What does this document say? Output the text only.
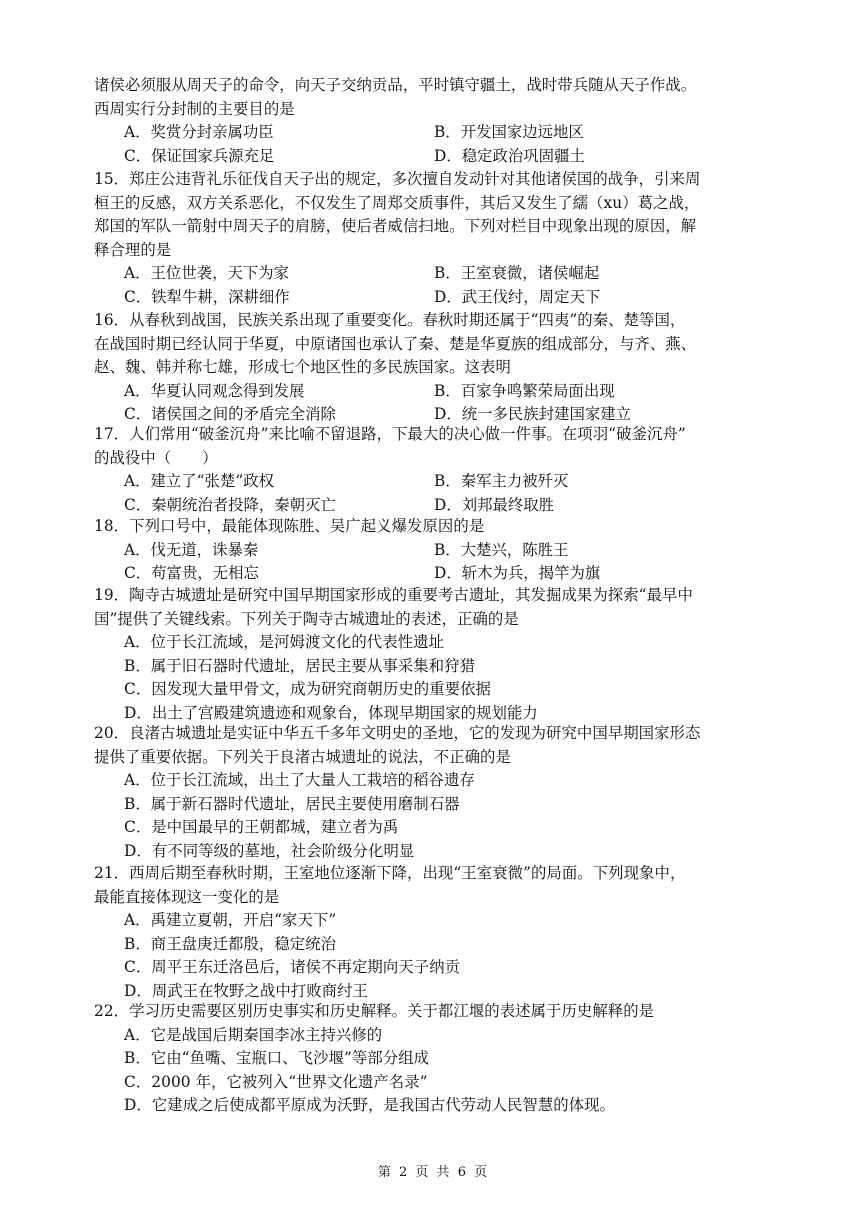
诸侯必须服从周天子的命令，向天子交纳贡品，平时镇守疆土，战时带兵随从天子作战。
西周实行分封制的主要目的是
A．奖赏分封亲属功臣	B．开发国家边远地区
C．保证国家兵源充足	D．稳定政治巩固疆土
15．郑庄公违背礼乐征伐自天子出的规定，多次擅自发动针对其他诸侯国的战争，引来周
桓王的反感，双方关系恶化，不仅发生了周郑交质事件，其后又发生了繻（xu）葛之战，
郑国的军队一箭射中周天子的肩膀，使后者威信扫地。下列对栏目中现象出现的原因，解
释合理的是
A．王位世袭，天下为家	B．王室衰微，诸侯崛起
C．铁犁牛耕，深耕细作	D．武王伐纣，周定天下
16．从春秋到战国，民族关系出现了重要变化。春秋时期还属于“四夷”的秦、楚等国，
在战国时期已经认同于华夏，中原诸国也承认了秦、楚是华夏族的组成部分，与齐、燕、
赵、魏、韩并称七雄，形成七个地区性的多民族国家。这表明
A．华夏认同观念得到发展	B．百家争鸣繁荣局面出现
C．诸侯国之间的矛盾完全消除	D．统一多民族封建国家建立
17．人们常用“破釜沉舟”来比喻不留退路，下最大的决心做一件事。在项羽“破釜沉舟”
的战役中（　　）
A．建立了“张楚”政权	B．秦军主力被歼灭
C．秦朝统治者投降，秦朝灭亡	D．刘邦最终取胜
18．下列口号中，最能体现陈胜、吴广起义爆发原因的是
A．伐无道，诛暴秦	B．大楚兴，陈胜王
C．苟富贵，无相忘	D．斩木为兵，揭竿为旗
19．陶寺古城遗址是研究中国早期国家形成的重要考古遗址，其发掘成果为探索“最早中
国”提供了关键线索。下列关于陶寺古城遗址的表述，正确的是
A．位于长江流域，是河姆渡文化的代表性遗址
B．属于旧石器时代遗址，居民主要从事采集和狩猎
C．因发现大量甲骨文，成为研究商朝历史的重要依据
D．出土了宫殿建筑遗迹和观象台，体现早期国家的规划能力
20．良渚古城遗址是实证中华五千多年文明史的圣地，它的发现为研究中国早期国家形态
提供了重要依据。下列关于良渚古城遗址的说法，不正确的是
A．位于长江流域，出土了大量人工栽培的稻谷遗存
B．属于新石器时代遗址，居民主要使用磨制石器
C．是中国最早的王朝都城，建立者为禹
D．有不同等级的墓地，社会阶级分化明显
21．西周后期至春秋时期，王室地位逐渐下降，出现“王室衰微”的局面。下列现象中，
最能直接体现这一变化的是
A．禹建立夏朝，开启“家天下”
B．商王盘庚迁都殷，稳定统治
C．周平王东迁洛邑后，诸侯不再定期向天子纳贡
D．周武王在牧野之战中打败商纣王
22．学习历史需要区别历史事实和历史解释。关于都江堰的表述属于历史解释的是
A．它是战国后期秦国李冰主持兴修的
B．它由“鱼嘴、宝瓶口、飞沙堰”等部分组成
C．2000 年，它被列入“世界文化遗产名录”
D．它建成之后使成都平原成为沃野，是我国古代劳动人民智慧的体现。
第 2 页 共 6 页
